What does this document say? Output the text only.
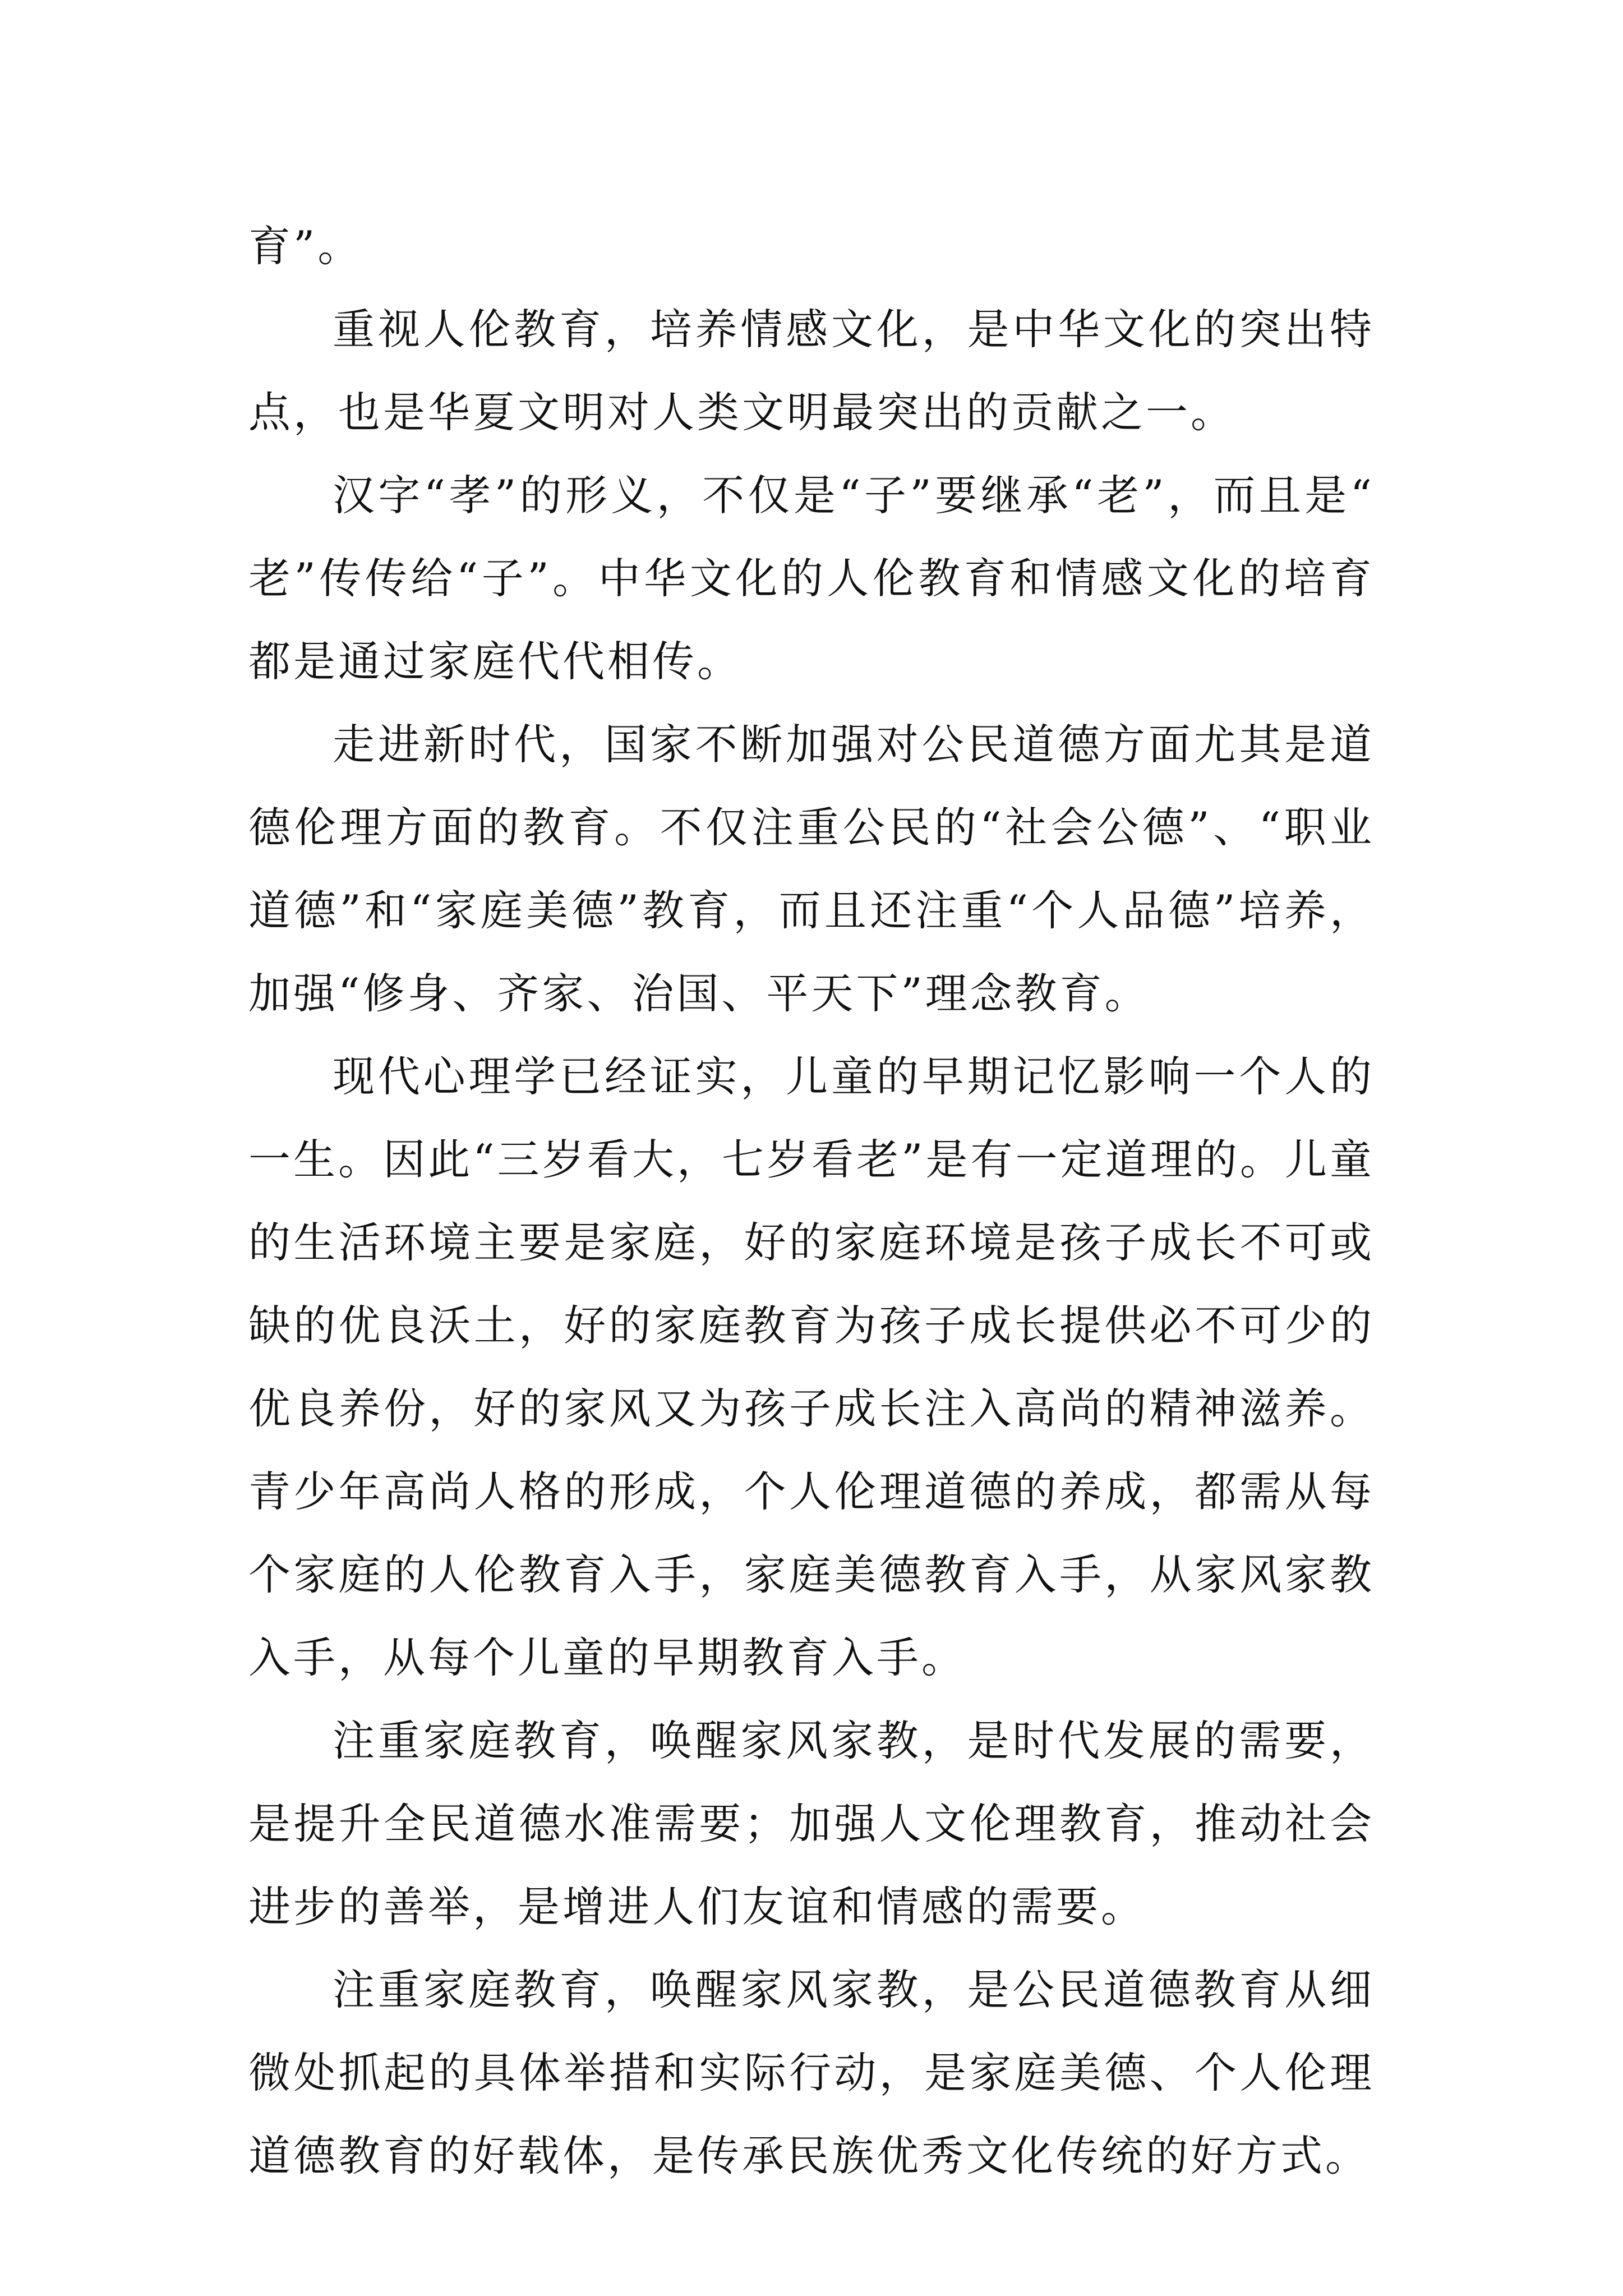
育”。

重视人伦教育，培养情感文化，是中华文化的突出特点，也是华夏文明对人类文明最突出的贡献之一。

汉字“孝”的形义，不仅是“子”要继承“老”，而且是“老”传传给“子”。中华文化的人伦教育和情感文化的培育都是通过家庭代代相传。

走进新时代，国家不断加强对公民道德方面尤其是道德伦理方面的教育。不仅注重公民的“社会公德”、“职业道德”和“家庭美德”教育，而且还注重“个人品德”培养，加强“修身、齐家、治国、平天下”理念教育。

现代心理学已经证实，儿童的早期记忆影响一个人的一生。因此“三岁看大，七岁看老”是有一定道理的。儿童的生活环境主要是家庭，好的家庭环境是孩子成长不可或缺的优良沃土，好的家庭教育为孩子成长提供必不可少的优良养份，好的家风又为孩子成长注入高尚的精神滋养。青少年高尚人格的形成，个人伦理道德的养成，都需从每个家庭的人伦教育入手，家庭美德教育入手，从家风家教入手，从每个儿童的早期教育入手。

注重家庭教育，唤醒家风家教，是时代发展的需要，是提升全民道德水准需要；加强人文伦理教育，推动社会进步的善举，是增进人们友谊和情感的需要。

注重家庭教育，唤醒家风家教，是公民道德教育从细微处抓起的具体举措和实际行动，是家庭美德、个人伦理道德教育的好载体，是传承民族优秀文化传统的好方式。
